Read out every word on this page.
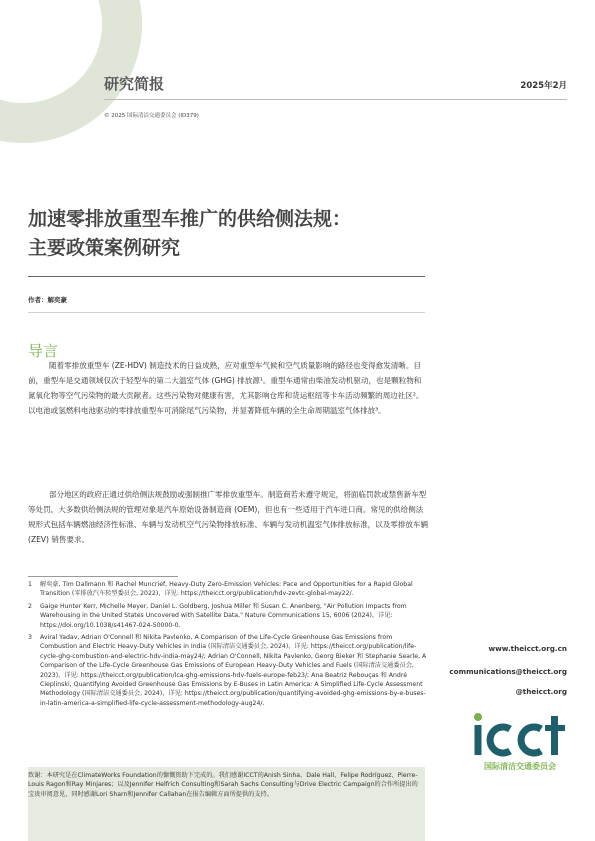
研究简报	2025年2月
© 2025 国际清洁交通委员会 (ID379)
加速零排放重型车推广的供给侧法规：
主要政策案例研究
作者：解奕豪
导言

随着零排放重型车 (ZE-HDV) 制造技术的日益成熟，应对重型车气候和空气质量影响的路径也变得愈发清晰。目前，重型车是交通领域仅次于轻型车的第二大温室气体 (GHG) 排放源¹。重型车通常由柴油发动机驱动，也是颗粒物和氮氧化物等空气污染物的最大贡献者。这些污染物对健康有害，尤其影响仓库和货运枢纽等卡车活动频繁的周边社区²。以电池或氢燃料电池驱动的零排放重型车可消除尾气污染物，并显著降低车辆的全生命周期温室气体排放³。

部分地区的政府正通过供给侧法规鼓励或强制推广零排放重型车。制造商若未遵守规定，将面临罚款或禁售新车型等处罚。大多数供给侧法规的管理对象是汽车原始设备制造商 (OEM)，但也有一些适用于汽车进口商。常见的供给侧法规形式包括车辆燃油经济性标准、车辆与发动机空气污染物排放标准、车辆与发动机温室气体排放标准，以及零排放车辆 (ZEV) 销售要求。

1 解奕豪, Tim Dallmann 和 Rachel Muncrief, Heavy-Duty Zero-Emission Vehicles: Pace and Opportunities for a Rapid Global Transition (零排放汽车转型委员会, 2022)，详见: https://theicct.org/publication/hdv-zevtc-global-may22/.
2 Gaige Hunter Kerr, Michelle Meyer, Daniel L. Goldberg, Joshua Miller 和 Susan C. Anenberg, "Air Pollution Impacts from Warehousing in the United States Uncovered with Satellite Data," Nature Communications 15, 6006 (2024)，详见: https://doi.org/10.1038/s41467-024-50000-0.
3 Aviral Yadav, Adrian O'Connell 和 Nikita Pavlenko, A Comparison of the Life-Cycle Greenhouse Gas Emissions from Combustion and Electric Heavy-Duty Vehicles in India (国际清洁交通委员会, 2024)，详见: https://theicct.org/publication/life-cycle-ghg-combustion-and-electric-hdv-india-may24/; Adrian O'Connell, Nikita Pavlenko, Georg Bieker 和 Stephanie Searle, A Comparison of the Life-Cycle Greenhouse Gas Emissions of European Heavy-Duty Vehicles and Fuels (国际清洁交通委员会, 2023)，详见: https://theicct.org/publication/lca-ghg-emissions-hdv-fuels-europe-feb23/; Ana Beatriz Rebouças 和 André Cieplinski, Quantifying Avoided Greenhouse Gas Emissions by E-Buses in Latin America: A Simplified Life-Cycle Assessment Methodology (国际清洁交通委员会, 2024)，详见: https://theicct.org/publication/quantifying-avoided-ghg-emissions-by-e-buses-in-latin-america-a-simplified-life-cycle-assessment-methodology-aug24/.
致谢：本研究是在ClimateWorks Foundation的慷慨资助下完成的。我们感谢ICCT的Anish Sinha、Dale Hall、Felipe Rodríguez、Pierre-Louis Ragon和Ray Minjares；以及Jennifer Helfrich Consulting和Sarah Sachs Consulting与Drive Electric Campaign的合作所提出的宝贵审阅意见，同时感谢Lori Sharn和Jennifer Callahan在报告编辑方面所提供的支持。
www.theicct.org.cn
communications@theicct.org
@theicct.org
国际清洁交通委员会
